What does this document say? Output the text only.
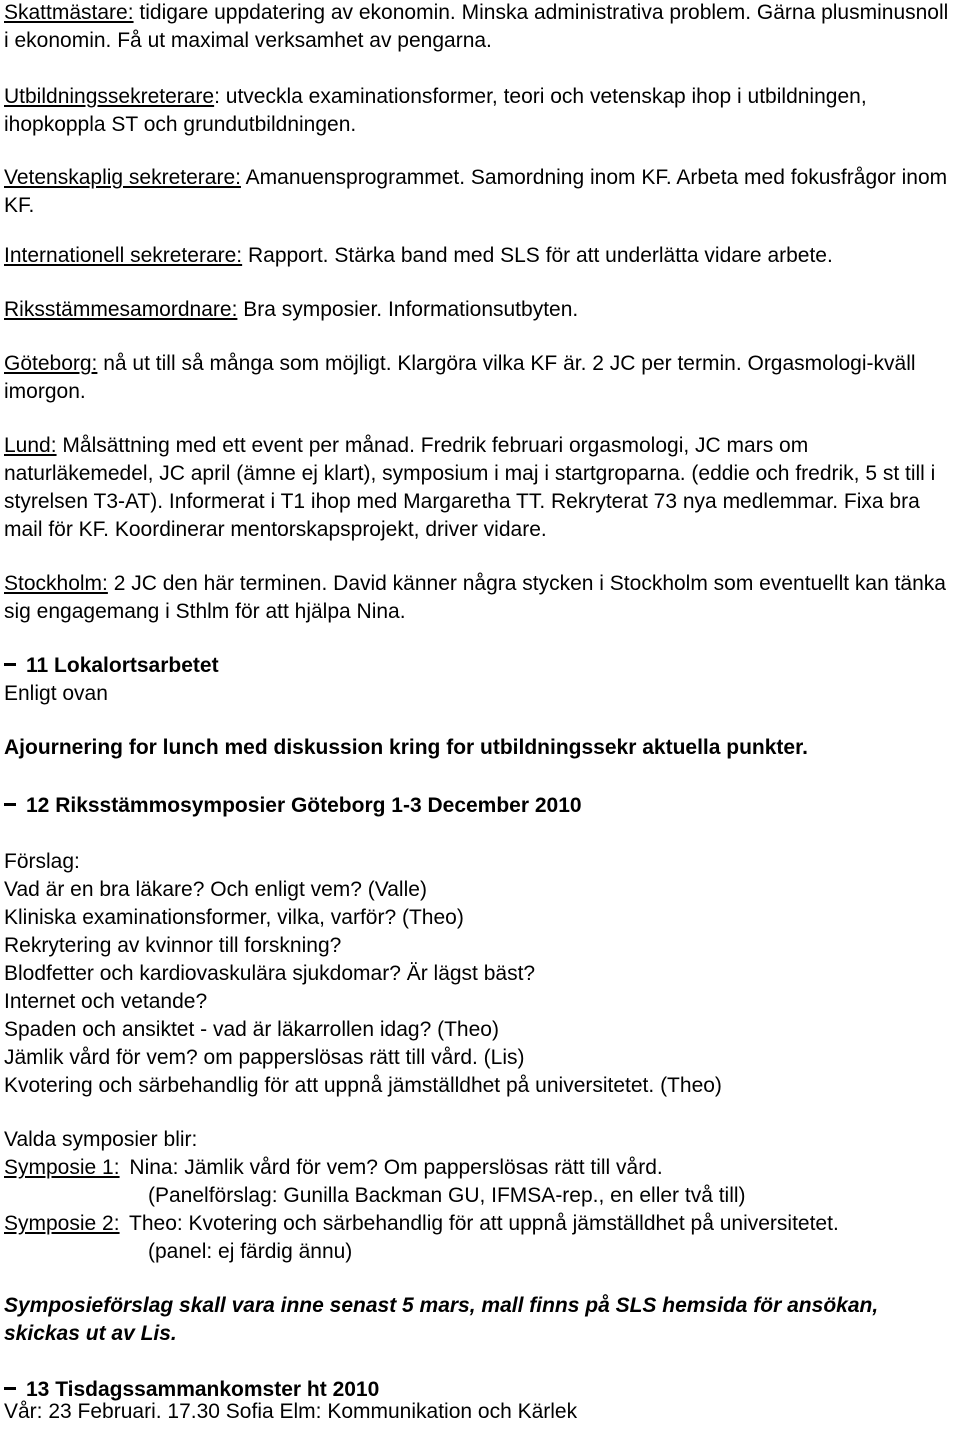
Skattmästare: tidigare uppdatering av ekonomin. Minska administrativa problem. Gärna plusminusnoll i ekonomin. Få ut maximal verksamhet av pengarna.

Utbildningssekreterare: utveckla examinationsformer, teori och vetenskap ihop i utbildningen, ihopkoppla ST och grundutbildningen.

Vetenskaplig sekreterare: Amanuensprogrammet. Samordning inom KF. Arbeta med fokusfrågor inom KF.

Internationell sekreterare: Rapport. Stärka band med SLS för att underlätta vidare arbete.

Riksstämmesamordnare: Bra symposier. Informationsutbyten.

Göteborg: nå ut till så många som möjligt. Klargöra vilka KF är. 2 JC per termin. Orgasmologi-kväll imorgon.

Lund: Målsättning med ett event per månad. Fredrik februari orgasmologi, JC mars om naturläkemedel, JC april (ämne ej klart), symposium i maj i startgroparna. (eddie och fredrik, 5 st till i styrelsen T3-AT). Informerat i T1 ihop med Margaretha TT. Rekryterat 73 nya medlemmar. Fixa bra mail för KF. Koordinerar mentorskapsprojekt, driver vidare.

Stockholm: 2 JC den här terminen. David känner några stycken i Stockholm som eventuellt kan tänka sig engagemang i Sthlm för att hjälpa Nina.

11 Lokalortsarbetet

Enligt ovan

Ajournering for lunch med diskussion kring for utbildningssekr aktuella punkter.

12 Riksstämmosymposier Göteborg 1-3 December 2010

Förslag:

Vad är en bra läkare? Och enligt vem? (Valle)

Kliniska examinationsformer, vilka, varför? (Theo)

Rekrytering av kvinnor till forskning?

Blodfetter och kardiovaskulära sjukdomar? Är lägst bäst?

Internet och vetande?

Spaden och ansiktet - vad är läkarrollen idag? (Theo)

Jämlik vård för vem? om papperslösas rätt till vård. (Lis)

Kvotering och särbehandlig för att uppnå jämställdhet på universitetet. (Theo)

Valda symposier blir:

Symposie 1: Nina: Jämlik vård för vem? Om papperslösas rätt till vård.

(Panelförslag: Gunilla Backman GU, IFMSA-rep., en eller två till)

Symposie 2: Theo: Kvotering och särbehandlig för att uppnå jämställdhet på universitetet.

(panel: ej färdig ännu)

Symposieförslag skall vara inne senast 5 mars, mall finns på SLS hemsida för ansökan, skickas ut av Lis.

13 Tisdagssammankomster ht 2010

Vår: 23 Februari. 17.30 Sofia Elm: Kommunikation och Kärlek
